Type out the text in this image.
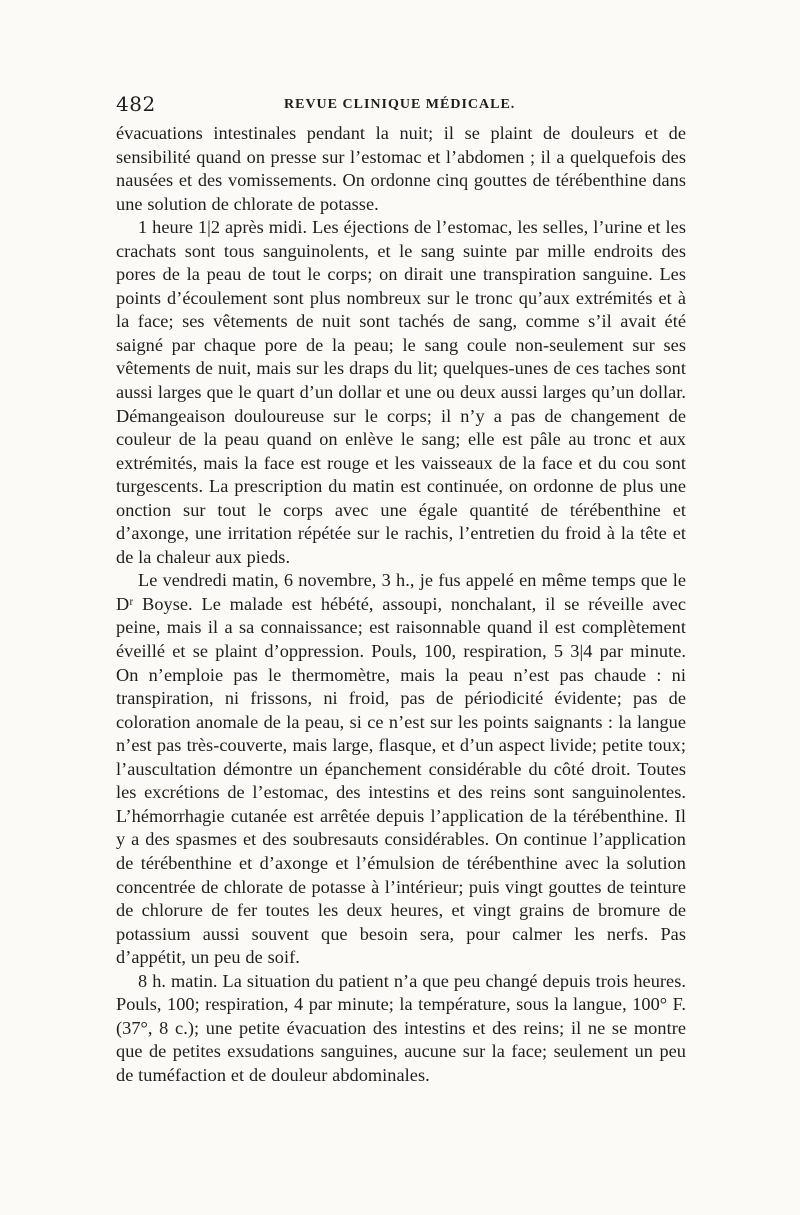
482	REVUE CLINIQUE MÉDICALE.

évacuations intestinales pendant la nuit; il se plaint de douleurs et de sensibilité quand on presse sur l’estomac et l’abdomen ; il a quelquefois des nausées et des vomissements. On ordonne cinq gouttes de térébenthine dans une solution de chlorate de potasse.

1 heure 1|2 après midi. Les éjections de l’estomac, les selles, l’urine et les crachats sont tous sanguinolents, et le sang suinte par mille endroits des pores de la peau de tout le corps; on dirait une transpiration sanguine. Les points d’écoulement sont plus nombreux sur le tronc qu’aux extrémités et à la face; ses vêtements de nuit sont tachés de sang, comme s’il avait été saigné par chaque pore de la peau; le sang coule non-seulement sur ses vêtements de nuit, mais sur les draps du lit; quelques-unes de ces taches sont aussi larges que le quart d’un dollar et une ou deux aussi larges qu’un dollar. Démangeaison douloureuse sur le corps; il n’y a pas de changement de couleur de la peau quand on enlève le sang; elle est pâle au tronc et aux extrémités, mais la face est rouge et les vaisseaux de la face et du cou sont turgescents. La prescription du matin est continuée, on ordonne de plus une onction sur tout le corps avec une égale quantité de térébenthine et d’axonge, une irritation répétée sur le rachis, l’entretien du froid à la tête et de la chaleur aux pieds.

Le vendredi matin, 6 novembre, 3 h., je fus appelé en même temps que le Dʳ Boyse. Le malade est hébété, assoupi, nonchalant, il se réveille avec peine, mais il a sa connaissance; est raisonnable quand il est complètement éveillé et se plaint d’oppression. Pouls, 100, respiration, 5 3|4 par minute. On n’emploie pas le thermomètre, mais la peau n’est pas chaude : ni transpiration, ni frissons, ni froid, pas de périodicité évidente; pas de coloration anomale de la peau, si ce n’est sur les points saignants : la langue n’est pas très-couverte, mais large, flasque, et d’un aspect livide; petite toux; l’auscultation démontre un épanchement considérable du côté droit. Toutes les excrétions de l’estomac, des intestins et des reins sont sanguinolentes. L’hémorrhagie cutanée est arrêtée depuis l’application de la térébenthine. Il y a des spasmes et des soubresauts considérables. On continue l’application de térébenthine et d’axonge et l’émulsion de térébenthine avec la solution concentrée de chlorate de potasse à l’intérieur; puis vingt gouttes de teinture de chlorure de fer toutes les deux heures, et vingt grains de bromure de potassium aussi souvent que besoin sera, pour calmer les nerfs. Pas d’appétit, un peu de soif.

8 h. matin. La situation du patient n’a que peu changé depuis trois heures. Pouls, 100; respiration, 4 par minute; la température, sous la langue, 100° F. (37°, 8 c.); une petite évacuation des intestins et des reins; il ne se montre que de petites exsudations sanguines, aucune sur la face; seulement un peu de tuméfaction et de douleur abdominales.
